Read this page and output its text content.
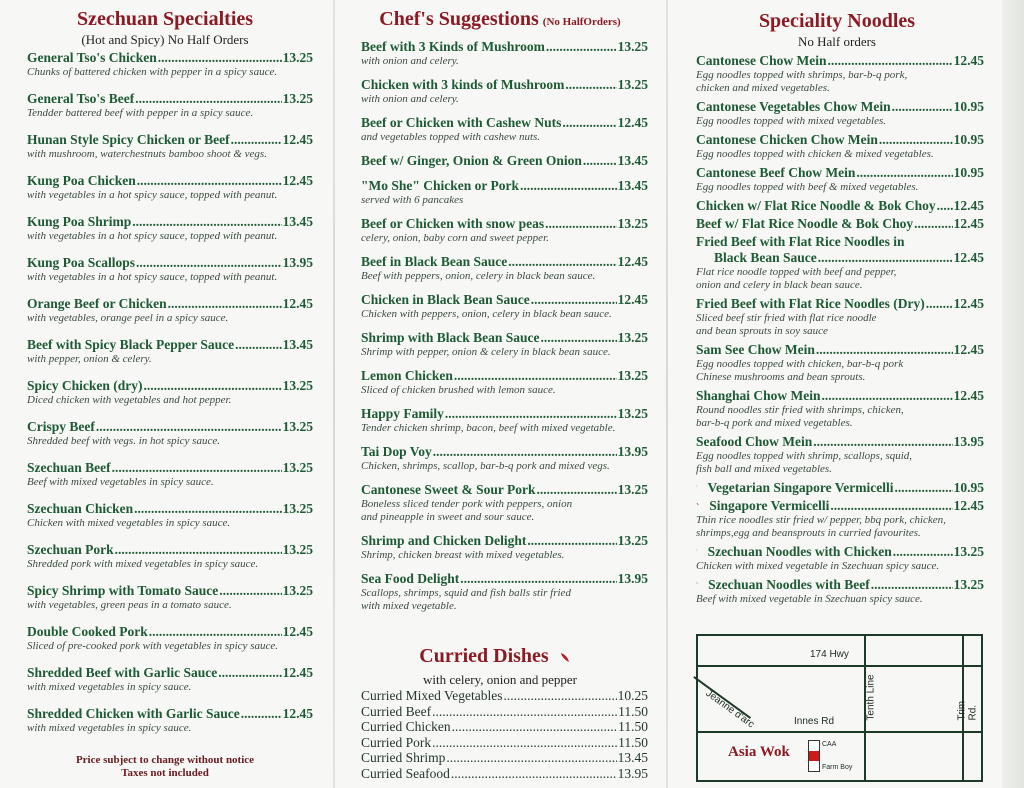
Szechuan Specialties
(Hot and Spicy) No Half Orders
General Tso's Chicken .....	13.25
Chunks of battered chicken with pepper in a spicy sauce.
General Tso's Beef .....	13.25
Tendder battered beef with pepper in a spicy sauce.
Hunan Style Spicy Chicken or Beef .....	12.45
with mushroom, waterchestnuts bamboo shoot & vegs.
Kung Poa Chicken .....	12.45
with vegetables in a hot spicy sauce, topped with peanut.
Kung Poa Shrimp .....	13.45
with vegetables in a hot spicy sauce, topped with peanut.
Kung Poa Scallops .....	13.95
with vegetables in a hot spicy sauce, topped with peanut.
Orange Beef or Chicken .....	12.45
with vegetables, orange peel in a spicy sauce.
Beef with Spicy Black Pepper Sauce .....	13.45
with pepper, onion & celery.
Spicy Chicken (dry) .....	13.25
Diced chicken with vegetables and hot pepper.
Crispy Beef .....	13.25
Shredded beef with vegs. in hot spicy sauce.
Szechuan Beef .....	13.25
Beef with mixed vegetables in spicy sauce.
Szechuan Chicken .....	13.25
Chicken with mixed vegetables in spicy sauce.
Szechuan Pork .....	13.25
Shredded pork with mixed vegetables in spicy sauce.
Spicy Shrimp with Tomato Sauce .....	13.25
with vegetables, green peas in a tomato sauce.
Double Cooked Pork .....	12.45
Sliced of pre-cooked pork with vegetables in spicy sauce.
Shredded Beef with Garlic Sauce .....	12.45
with mixed vegetables in spicy sauce.
Shredded Chicken with Garlic Sauce .....	12.45
with mixed vegetables in spicy sauce.
Price subject to change without notice
Taxes not included
Chef's Suggestions (No HalfOrders)
Beef with 3 Kinds of Mushroom .....	13.25
with onion and celery.
Chicken with 3 kinds of Mushroom .....	13.25
with onion and celery.
Beef or Chicken with Cashew Nuts .....	12.45
and vegetables topped with cashew nuts.
Beef w/ Ginger, Onion & Green Onion .....	13.45
"Mo She" Chicken or Pork .....	13.45
served with 6 pancakes
Beef or Chicken with snow peas .....	13.25
celery, onion, baby corn and sweet pepper.
Beef in Black Bean Sauce .....	12.45
Beef with peppers, onion, celery in black bean sauce.
Chicken in Black Bean Sauce .....	12.45
Chicken with peppers, onion, celery in black bean sauce.
Shrimp with Black Bean Sauce .....	13.25
Shrimp with pepper, onion & celery in black bean sauce.
Lemon Chicken .....	13.25
Sliced of chicken brushed with lemon sauce.
Happy Family .....	13.25
Tender chicken shrimp, bacon, beef with mixed vegetable.
Tai Dop Voy .....	13.95
Chicken, shrimps, scallop, bar-b-q pork and mixed vegs.
Cantonese Sweet & Sour Pork .....	13.25
Boneless sliced tender pork with peppers, onion
and pineapple in sweet and sour sauce.
Shrimp and Chicken Delight .....	13.25
Shrimp, chicken breast with mixed vegetables.
Sea Food Delight .....	13.95
Scallops, shrimps, squid and fish balls stir fried
with mixed vegetable.
Curried Dishes
with celery, onion and pepper
Curried Mixed Vegetables .....	10.25
Curried Beef .....	11.50
Curried Chicken .....	11.50
Curried Pork .....	11.50
Curried Shrimp .....	13.45
Curried Seafood .....	13.95
Speciality Noodles
No Half orders
Cantonese Chow Mein .....	12.45
Egg noodles topped with shrimps, bar-b-q pork,
chicken and mixed vegetables.
Cantonese Vegetables Chow Mein .....	10.95
Egg noodles topped with mixed vegetables.
Cantonese Chicken Chow Mein .....	10.95
Egg noodles topped with chicken & mixed vegetables.
Cantonese Beef Chow Mein .....	10.95
Egg noodles topped with beef & mixed vegetables.
Chicken w/ Flat Rice Noodle & Bok Choy ..... 12.45
Beef w/ Flat Rice Noodle & Bok Choy .....	12.45
Fried Beef with Flat Rice Noodles in
Black Bean Sauce .....	12.45
Flat rice noodle topped with beef and pepper,
onion and celery in black bean sauce.
Fried Beef with Flat Rice Noodles (Dry) ..... 12.45
Sliced beef stir fried with flat rice noodle
and bean sprouts in soy sauce
Sam See Chow Mein .....	12.45
Egg noodles topped with chicken, bar-b-q pork
Chinese mushrooms and bean sprouts.
Shanghai Chow Mein .....	12.45
Round noodles stir fried with shrimps, chicken,
bar-b-q pork and mixed vegetables.
Seafood Chow Mein .....	13.95
Egg noodles topped with shrimp, scallops, squid,
fish ball and mixed vegetables.
Vegetarian Singapore Vermicelli .....	10.95
Singapore Vermicelli .....	12.45
Thin rice noodles stir fried w/ pepper, bbq pork, chicken,
shrimps,egg and beansprouts in curried favourites.
Szechuan Noodles with Chicken .....	13.25
Chicken with mixed vegetable in Szechuan spicy sauce.
Szechuan Noodles with Beef .....	13.25
Beef with mixed vegetable in Szechuan spicy sauce.
174 Hwy
Jeanne d'arc	Innes Rd
Tenth Line	Trim Rd.
Asia Wok	CAA
Farm Boy
